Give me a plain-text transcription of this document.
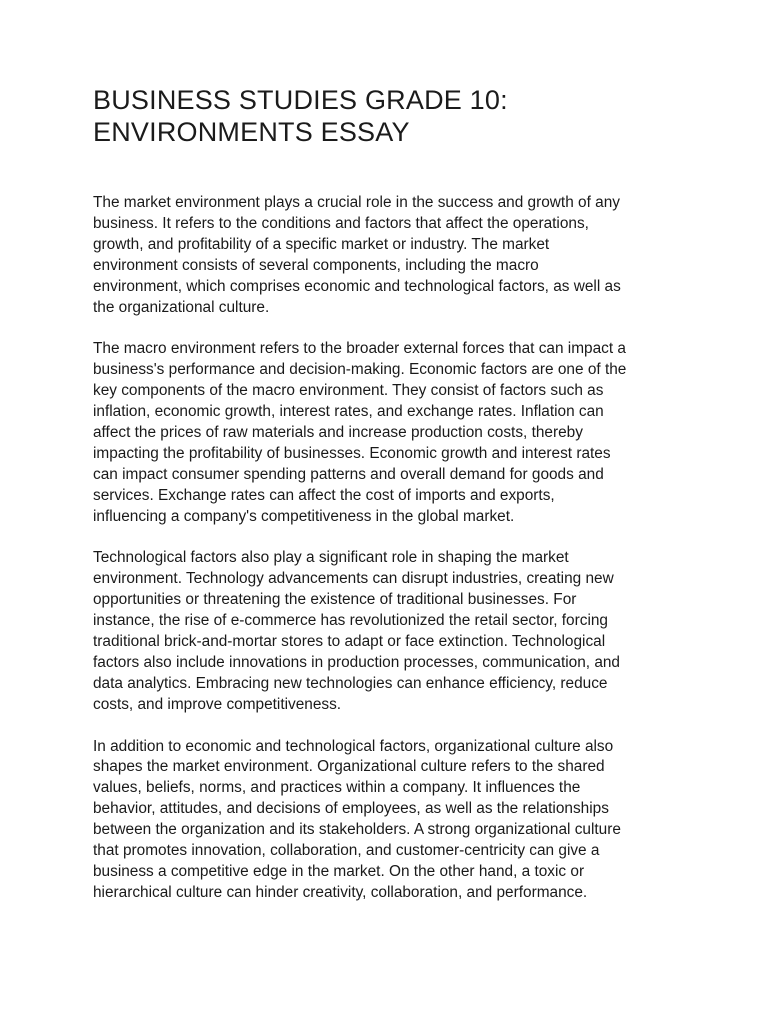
BUSINESS STUDIES GRADE 10:
ENVIRONMENTS ESSAY
The market environment plays a crucial role in the success and growth of any
business. It refers to the conditions and factors that affect the operations,
growth, and profitability of a specific market or industry. The market
environment consists of several components, including the macro
environment, which comprises economic and technological factors, as well as
the organizational culture.
The macro environment refers to the broader external forces that can impact a
business's performance and decision-making. Economic factors are one of the
key components of the macro environment. They consist of factors such as
inflation, economic growth, interest rates, and exchange rates. Inflation can
affect the prices of raw materials and increase production costs, thereby
impacting the profitability of businesses. Economic growth and interest rates
can impact consumer spending patterns and overall demand for goods and
services. Exchange rates can affect the cost of imports and exports,
influencing a company's competitiveness in the global market.
Technological factors also play a significant role in shaping the market
environment. Technology advancements can disrupt industries, creating new
opportunities or threatening the existence of traditional businesses. For
instance, the rise of e-commerce has revolutionized the retail sector, forcing
traditional brick-and-mortar stores to adapt or face extinction. Technological
factors also include innovations in production processes, communication, and
data analytics. Embracing new technologies can enhance efficiency, reduce
costs, and improve competitiveness.
In addition to economic and technological factors, organizational culture also
shapes the market environment. Organizational culture refers to the shared
values, beliefs, norms, and practices within a company. It influences the
behavior, attitudes, and decisions of employees, as well as the relationships
between the organization and its stakeholders. A strong organizational culture
that promotes innovation, collaboration, and customer-centricity can give a
business a competitive edge in the market. On the other hand, a toxic or
hierarchical culture can hinder creativity, collaboration, and performance.
